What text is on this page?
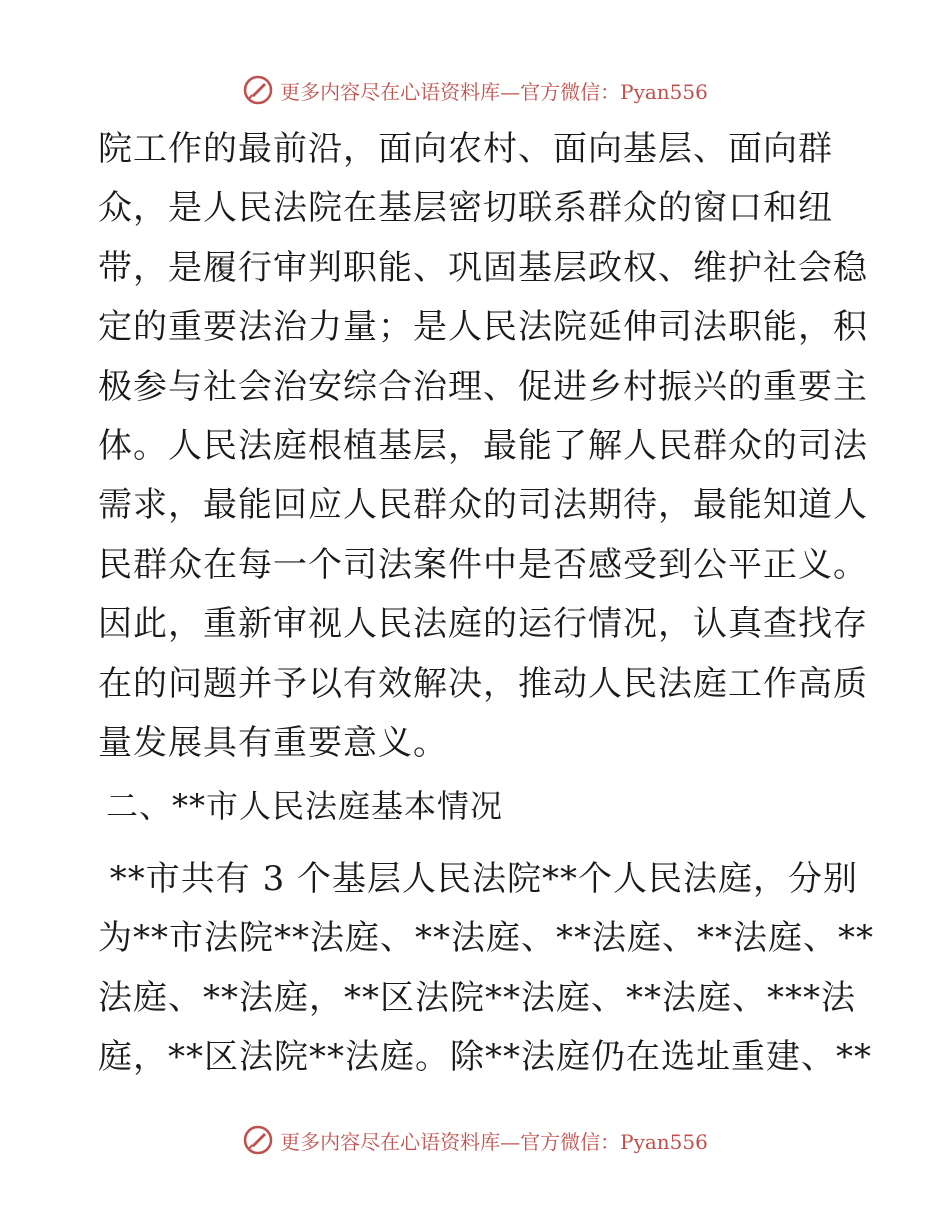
更多内容尽在心语资料库—官方微信：Pyan556
院工作的最前沿，面向农村、面向基层、面向群
众，是人民法院在基层密切联系群众的窗口和纽
带，是履行审判职能、巩固基层政权、维护社会稳
定的重要法治力量；是人民法院延伸司法职能，积
极参与社会治安综合治理、促进乡村振兴的重要主
体。人民法庭根植基层，最能了解人民群众的司法
需求，最能回应人民群众的司法期待，最能知道人
民群众在每一个司法案件中是否感受到公平正义。
因此，重新审视人民法庭的运行情况，认真查找存
在的问题并予以有效解决，推动人民法庭工作高质
量发展具有重要意义。
二、**市人民法庭基本情况
**市共有 3 个基层人民法院**个人民法庭，分别
为**市法院**法庭、**法庭、**法庭、**法庭、**
法庭、**法庭，**区法院**法庭、**法庭、***法
庭，**区法院**法庭。除**法庭仍在选址重建、**
更多内容尽在心语资料库—官方微信：Pyan556
